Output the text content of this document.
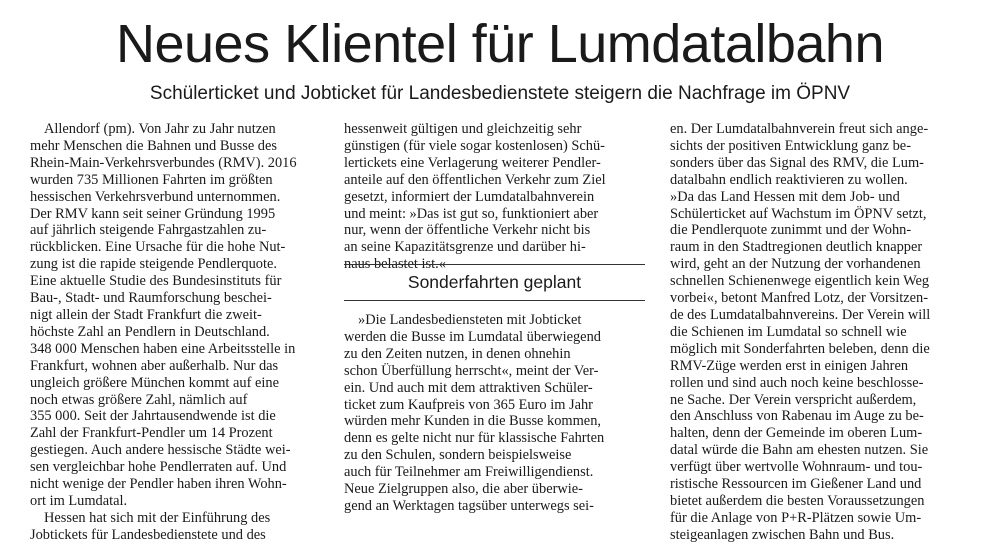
Neues Klientel für Lumdatalbahn
Schülerticket und Jobticket für Landesbedienstete steigern die Nachfrage im ÖPNV
Allendorf (pm). Von Jahr zu Jahr nutzen
mehr Menschen die Bahnen und Busse des
Rhein-Main-Verkehrsverbundes (RMV). 2016
wurden 735 Millionen Fahrten im größten
hessischen Verkehrsverbund unternommen.
Der RMV kann seit seiner Gründung 1995
auf jährlich steigende Fahrgastzahlen zu-
rückblicken. Eine Ursache für die hohe Nut-
zung ist die rapide steigende Pendlerquote.
Eine aktuelle Studie des Bundesinstituts für
Bau-, Stadt- und Raumforschung beschei-
nigt allein der Stadt Frankfurt die zweit-
höchste Zahl an Pendlern in Deutschland.
348 000 Menschen haben eine Arbeitsstelle in
Frankfurt, wohnen aber außerhalb. Nur das
ungleich größere München kommt auf eine
noch etwas größere Zahl, nämlich auf
355 000. Seit der Jahrtausendwende ist die
Zahl der Frankfurt-Pendler um 14 Prozent
gestiegen. Auch andere hessische Städte wei-
sen vergleichbar hohe Pendlerraten auf. Und
nicht wenige der Pendler haben ihren Wohn-
ort im Lumdatal.
Hessen hat sich mit der Einführung des
Jobtickets für Landesbedienstete und des
hessenweit gültigen und gleichzeitig sehr
günstigen (für viele sogar kostenlosen) Schü-
lertickets eine Verlagerung weiterer Pendler-
anteile auf den öffentlichen Verkehr zum Ziel
gesetzt, informiert der Lumdatalbahnverein
und meint: »Das ist gut so, funktioniert aber
nur, wenn der öffentliche Verkehr nicht bis
an seine Kapazitätsgrenze und darüber hi-
naus belastet ist.«
Sonderfahrten geplant
»Die Landesbediensteten mit Jobticket
werden die Busse im Lumdatal überwiegend
zu den Zeiten nutzen, in denen ohnehin
schon Überfüllung herrscht«, meint der Ver-
ein. Und auch mit dem attraktiven Schüler-
ticket zum Kaufpreis von 365 Euro im Jahr
würden mehr Kunden in die Busse kommen,
denn es gelte nicht nur für klassische Fahrten
zu den Schulen, sondern beispielsweise
auch für Teilnehmer am Freiwilligendienst.
Neue Zielgruppen also, die aber überwie-
gend an Werktagen tagsüber unterwegs sei-
en. Der Lumdatalbahnverein freut sich ange-
sichts der positiven Entwicklung ganz be-
sonders über das Signal des RMV, die Lum-
datalbahn endlich reaktivieren zu wollen.
»Da das Land Hessen mit dem Job- und
Schülerticket auf Wachstum im ÖPNV setzt,
die Pendlerquote zunimmt und der Wohn-
raum in den Stadtregionen deutlich knapper
wird, geht an der Nutzung der vorhandenen
schnellen Schienenwege eigentlich kein Weg
vorbei«, betont Manfred Lotz, der Vorsitzen-
de des Lumdatalbahnvereins. Der Verein will
die Schienen im Lumdatal so schnell wie
möglich mit Sonderfahrten beleben, denn die
RMV-Züge werden erst in einigen Jahren
rollen und sind auch noch keine beschlosse-
ne Sache. Der Verein verspricht außerdem,
den Anschluss von Rabenau im Auge zu be-
halten, denn der Gemeinde im oberen Lum-
datal würde die Bahn am ehesten nutzen. Sie
verfügt über wertvolle Wohnraum- und tou-
ristische Ressourcen im Gießener Land und
bietet außerdem die besten Voraussetzungen
für die Anlage von P+R-Plätzen sowie Um-
steigeanlagen zwischen Bahn und Bus.
